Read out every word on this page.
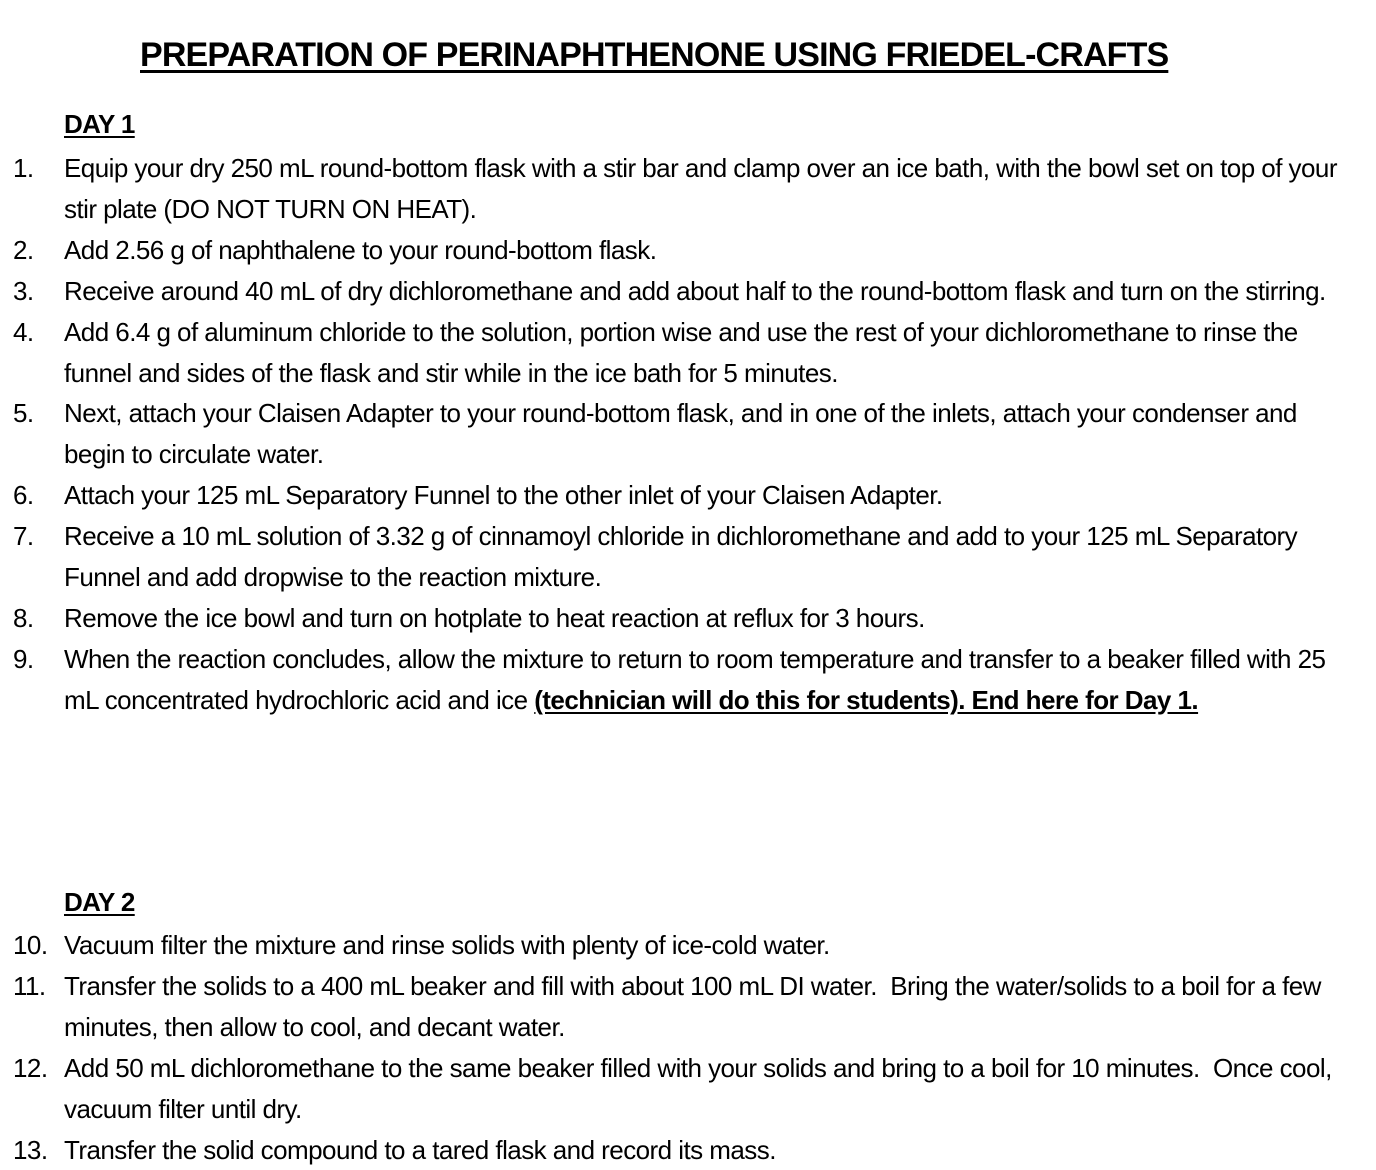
PREPARATION OF PERINAPHTHENONE USING FRIEDEL-CRAFTS
DAY 1
1. Equip your dry 250 mL round-bottom flask with a stir bar and clamp over an ice bath, with the bowl set on top of your stir plate (DO NOT TURN ON HEAT).
2. Add 2.56 g of naphthalene to your round-bottom flask.
3. Receive around 40 mL of dry dichloromethane and add about half to the round-bottom flask and turn on the stirring.
4. Add 6.4 g of aluminum chloride to the solution, portion wise and use the rest of your dichloromethane to rinse the funnel and sides of the flask and stir while in the ice bath for 5 minutes.
5. Next, attach your Claisen Adapter to your round-bottom flask, and in one of the inlets, attach your condenser and begin to circulate water.
6. Attach your 125 mL Separatory Funnel to the other inlet of your Claisen Adapter.
7. Receive a 10 mL solution of 3.32 g of cinnamoyl chloride in dichloromethane and add to your 125 mL Separatory Funnel and add dropwise to the reaction mixture.
8. Remove the ice bowl and turn on hotplate to heat reaction at reflux for 3 hours.
9. When the reaction concludes, allow the mixture to return to room temperature and transfer to a beaker filled with 25 mL concentrated hydrochloric acid and ice (technician will do this for students). End here for Day 1.
DAY 2
10. Vacuum filter the mixture and rinse solids with plenty of ice-cold water.
11. Transfer the solids to a 400 mL beaker and fill with about 100 mL DI water.  Bring the water/solids to a boil for a few minutes, then allow to cool, and decant water.
12. Add 50 mL dichloromethane to the same beaker filled with your solids and bring to a boil for 10 minutes.  Once cool, vacuum filter until dry.
13. Transfer the solid compound to a tared flask and record its mass.
